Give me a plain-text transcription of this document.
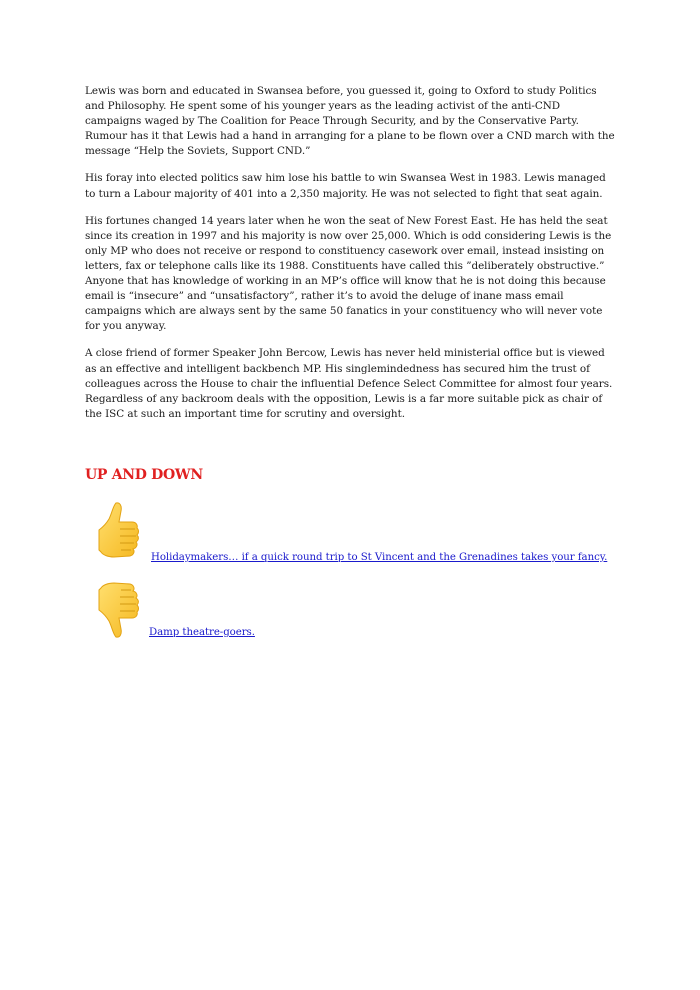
Lewis was born and educated in Swansea before, you guessed it, going to Oxford to study Politics and Philosophy. He spent some of his younger years as the leading activist of the anti-CND campaigns waged by The Coalition for Peace Through Security, and by the Conservative Party. Rumour has it that Lewis had a hand in arranging for a plane to be flown over a CND march with the message “Help the Soviets, Support CND.”

His foray into elected politics saw him lose his battle to win Swansea West in 1983. Lewis managed to turn a Labour majority of 401 into a 2,350 majority. He was not selected to fight that seat again.

His fortunes changed 14 years later when he won the seat of New Forest East. He has held the seat since its creation in 1997 and his majority is now over 25,000. Which is odd considering Lewis is the only MP who does not receive or respond to constituency casework over email, instead insisting on letters, fax or telephone calls like its 1988. Constituents have called this ”deliberately obstructive.” Anyone that has knowledge of working in an MP’s office will know that he is not doing this because email is “insecure” and “unsatisfactory”, rather it’s to avoid the deluge of inane mass email campaigns which are always sent by the same 50 fanatics in your constituency who will never vote for you anyway.

A close friend of former Speaker John Bercow, Lewis has never held ministerial office but is viewed as an effective and intelligent backbench MP. His singlemindedness has secured him the trust of colleagues across the House to chair the influential Defence Select Committee for almost four years. Regardless of any backroom deals with the opposition, Lewis is a far more suitable pick as chair of the ISC at such an important time for scrutiny and oversight.

UP AND DOWN
Holidaymakers… if a quick round trip to St Vincent and the Grenadines takes your fancy.
Damp theatre-goers.
